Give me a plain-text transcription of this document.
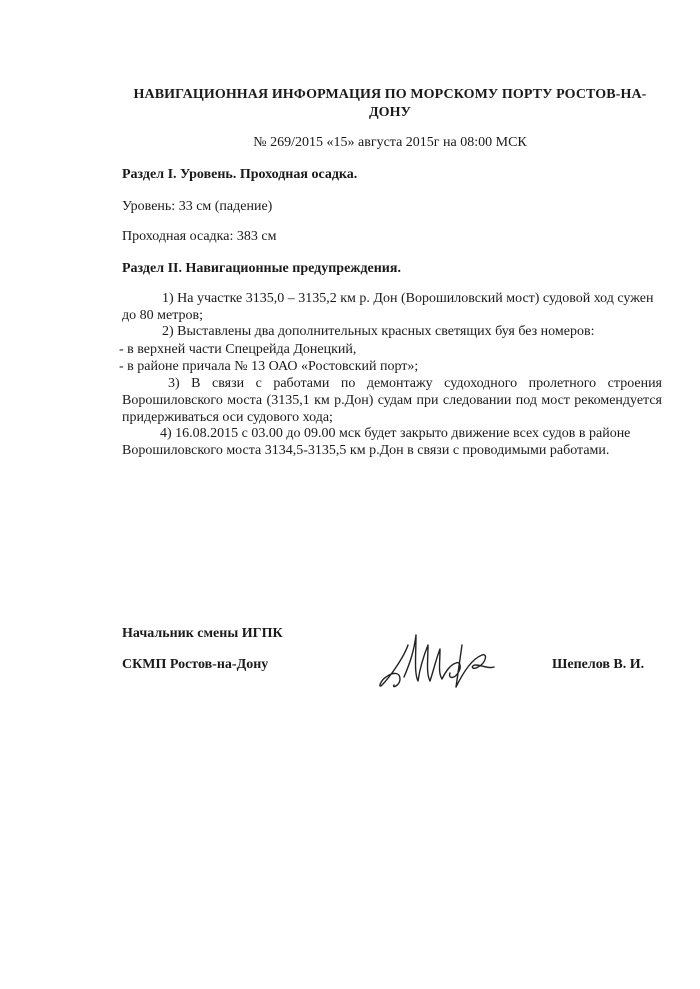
НАВИГАЦИОННАЯ ИНФОРМАЦИЯ ПО МОРСКОМУ ПОРТУ РОСТОВ-НА-
ДОНУ
№ 269/2015 «15» августа 2015г на 08:00 МСК
Раздел I. Уровень. Проходная осадка.
Уровень: 33 см (падение)
Проходная осадка: 383 см
Раздел II. Навигационные предупреждения.
1) На участке 3135,0 – 3135,2 км р. Дон (Ворошиловский мост) судовой ход сужен
до 80 метров;
2) Выставлены два дополнительных красных светящих буя без номеров:
- в верхней части Спецрейда Донецкий,
- в районе причала № 13 ОАО «Ростовский порт»;
3) В связи с работами по демонтажу судоходного пролетного строения
Ворошиловского моста (3135,1 км р.Дон) судам при следовании под мост рекомендуется
придерживаться оси судового хода;
4) 16.08.2015 с 03.00 до 09.00 мск будет закрыто движение всех судов в районе
Ворошиловского моста 3134,5-3135,5 км р.Дон в связи с проводимыми работами.
Начальник смены ИГПК
СКМП Ростов-на-Дону	Шепелов В. И.
